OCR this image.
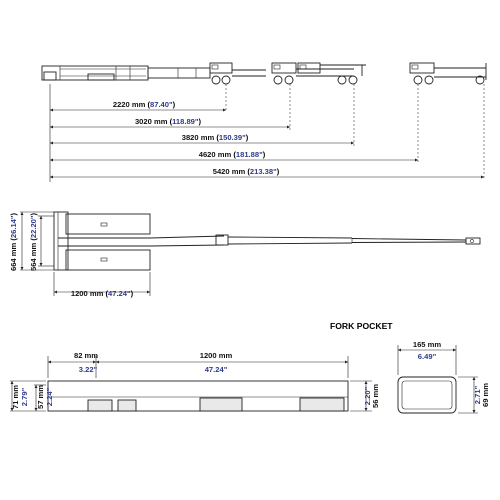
2220 mm (87.40")
3020 mm (118.89")
3820 mm (150.39")
4620 mm (181.88")
5420 mm (213.38")
664 mm (26.14")
564 mm (22.20")
1200 mm (47.24")
FORK POCKET
82 mm
3.22"
1200 mm
47.24"
71 mm 2.79" 57 mm 2.24"	56 mm
2.20"
165 mm
6.49"
69 mm
2.71"
